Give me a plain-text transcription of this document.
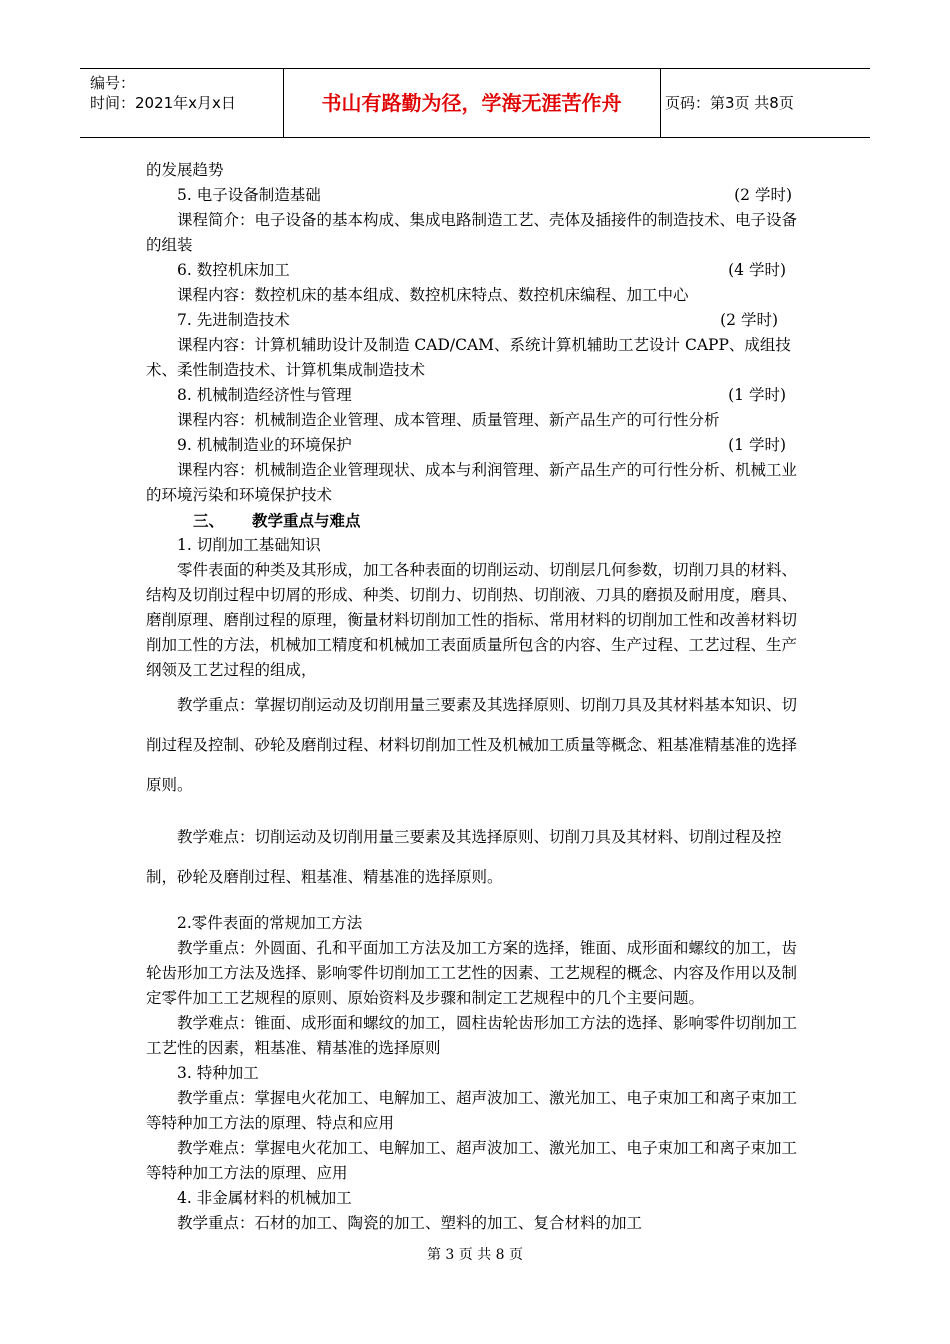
编号：
时间：2021年x月x日	书山有路勤为径，学海无涯苦作舟	页码：第3页 共8页

的发展趋势

5. 电子设备制造基础	(2 学时)

课程简介：电子设备的基本构成、集成电路制造工艺、壳体及插接件的制造技术、电子设备的组装

6. 数控机床加工	(4 学时)

课程内容：数控机床的基本组成、数控机床特点、数控机床编程、加工中心

7. 先进制造技术	(2 学时)

课程内容：计算机辅助设计及制造 CAD/CAM、系统计算机辅助工艺设计 CAPP、成组技术、柔性制造技术、计算机集成制造技术

8. 机械制造经济性与管理	(1 学时)

课程内容：机械制造企业管理、成本管理、质量管理、新产品生产的可行性分析

9. 机械制造业的环境保护	(1 学时)

课程内容：机械制造企业管理现状、成本与利润管理、新产品生产的可行性分析、机械工业的环境污染和环境保护技术

三、 教学重点与难点

1. 切削加工基础知识

零件表面的种类及其形成，加工各种表面的切削运动、切削层几何参数，切削刀具的材料、结构及切削过程中切屑的形成、种类、切削力、切削热、切削液、刀具的磨损及耐用度，磨具、磨削原理、磨削过程的原理，衡量材料切削加工性的指标、常用材料的切削加工性和改善材料切削加工性的方法，机械加工精度和机械加工表面质量所包含的内容、生产过程、工艺过程、生产纲领及工艺过程的组成，

教学重点：掌握切削运动及切削用量三要素及其选择原则、切削刀具及其材料基本知识、切削过程及控制、砂轮及磨削过程、材料切削加工性及机械加工质量等概念、粗基准精基准的选择原则。

教学难点：切削运动及切削用量三要素及其选择原则、切削刀具及其材料、切削过程及控制，砂轮及磨削过程、粗基准、精基准的选择原则。

2.零件表面的常规加工方法

教学重点：外圆面、孔和平面加工方法及加工方案的选择，锥面、成形面和螺纹的加工，齿轮齿形加工方法及选择、影响零件切削加工工艺性的因素、工艺规程的概念、内容及作用以及制定零件加工工艺规程的原则、原始资料及步骤和制定工艺规程中的几个主要问题。

教学难点：锥面、成形面和螺纹的加工，圆柱齿轮齿形加工方法的选择、影响零件切削加工工艺性的因素，粗基准、精基准的选择原则

3. 特种加工

教学重点：掌握电火花加工、电解加工、超声波加工、激光加工、电子束加工和离子束加工等特种加工方法的原理、特点和应用

教学难点：掌握电火花加工、电解加工、超声波加工、激光加工、电子束加工和离子束加工等特种加工方法的原理、应用

4. 非金属材料的机械加工

教学重点：石材的加工、陶瓷的加工、塑料的加工、复合材料的加工

第 3 页 共 8 页
